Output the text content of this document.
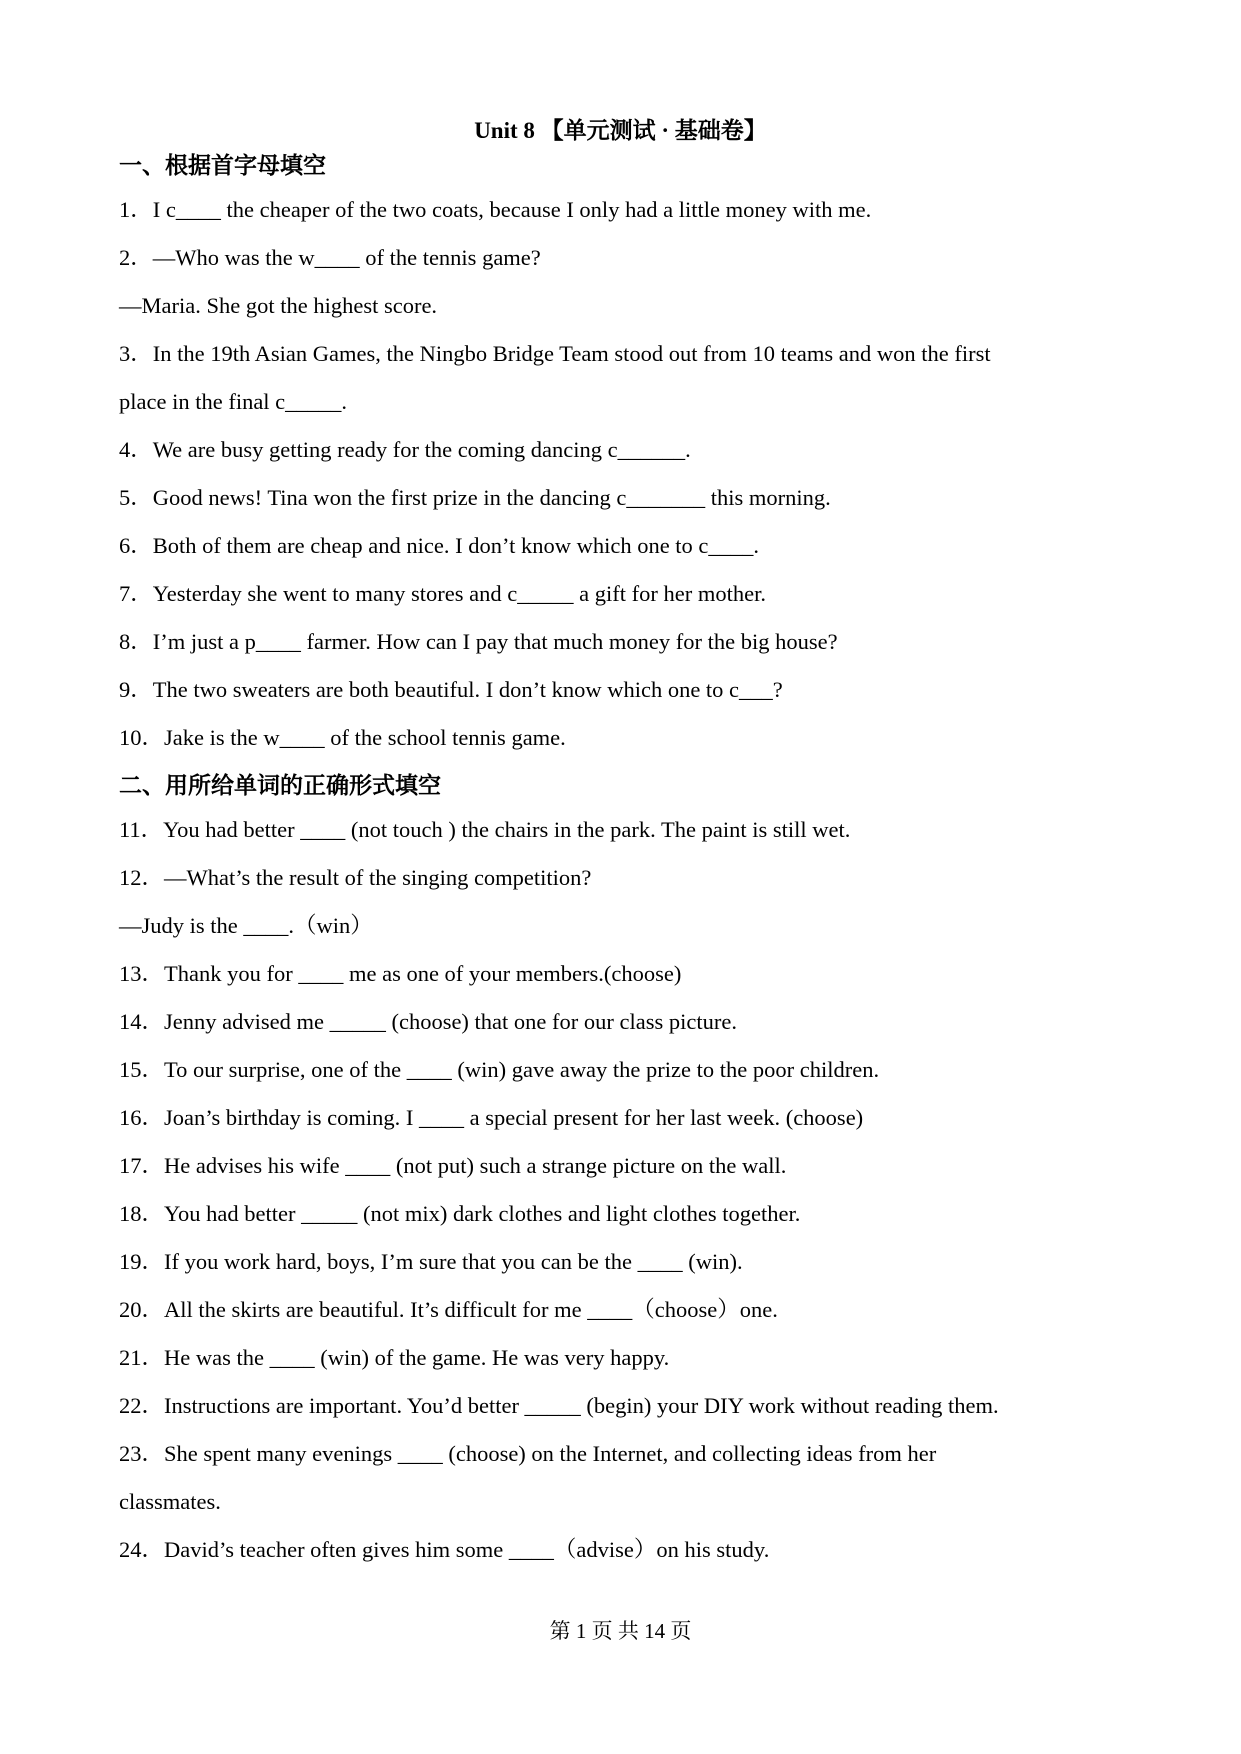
Unit 8 【单元测试 · 基础卷】
一、根据首字母填空
1．I c____ the cheaper of the two coats, because I only had a little money with me.
2．—Who was the w____ of the tennis game?
—Maria. She got the highest score.
3．In the 19th Asian Games, the Ningbo Bridge Team stood out from 10 teams and won the first
place in the final c_____.
4．We are busy getting ready for the coming dancing c______.
5．Good news! Tina won the first prize in the dancing c_______ this morning.
6．Both of them are cheap and nice. I don’t know which one to c____.
7．Yesterday she went to many stores and c_____ a gift for her mother.
8．I’m just a p____ farmer. How can I pay that much money for the big house?
9．The two sweaters are both beautiful. I don’t know which one to c___?
10．Jake is the w____ of the school tennis game.
二、用所给单词的正确形式填空
11．You had better ____ (not touch ) the chairs in the park. The paint is still wet.
12．—What’s the result of the singing competition?
—Judy is the ____.（win）
13．Thank you for ____ me as one of your members.(choose)
14．Jenny advised me _____ (choose) that one for our class picture.
15．To our surprise, one of the ____ (win) gave away the prize to the poor children.
16．Joan’s birthday is coming. I ____ a special present for her last week. (choose)
17．He advises his wife ____ (not put) such a strange picture on the wall.
18．You had better _____ (not mix) dark clothes and light clothes together.
19．If you work hard, boys, I’m sure that you can be the ____ (win).
20．All the skirts are beautiful. It’s difficult for me ____（choose）one.
21．He was the ____ (win) of the game. He was very happy.
22．Instructions are important. You’d better _____ (begin) your DIY work without reading them.
23．She spent many evenings ____ (choose) on the Internet, and collecting ideas from her
classmates.
24．David’s teacher often gives him some ____（advise）on his study.
第 1 页 共 14 页
